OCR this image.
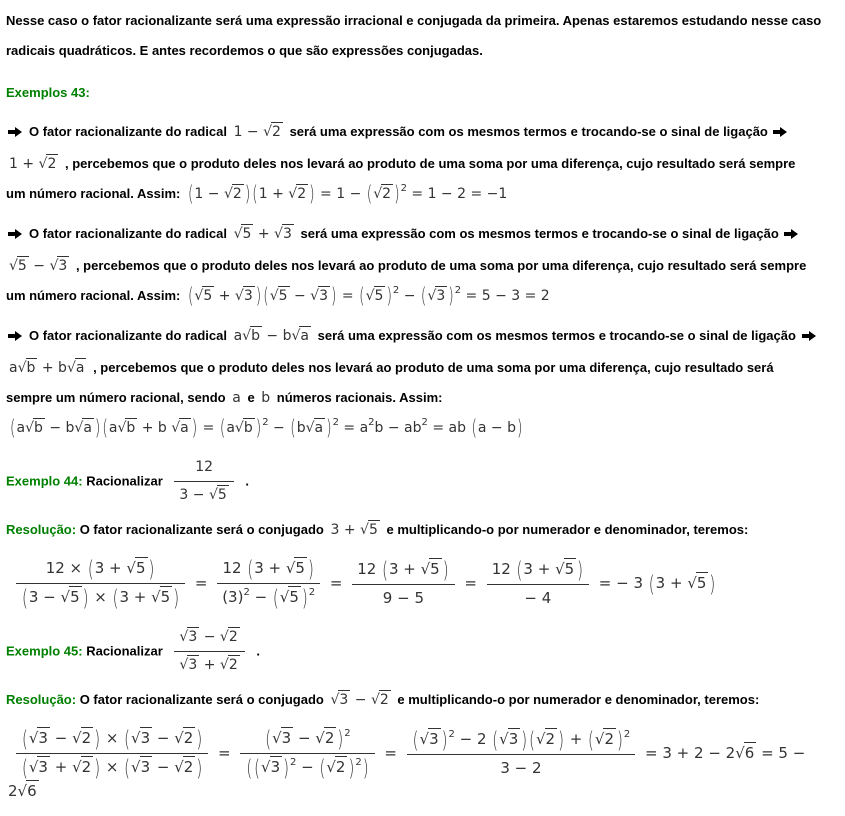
Nesse caso o fator racionalizante será uma expressão irracional e conjugada da primeira. Apenas estaremos estudando nesse caso
radicais quadráticos. E antes recordemos o que são expressões conjugadas.
Exemplos 43:
O fator racionalizante do radical 1 − √2 será uma expressão com os mesmos termos e trocando-se o sinal de ligação
1 + √2 , percebemos que o produto deles nos levará ao produto de uma soma por uma diferença, cujo resultado será sempre
um número racional. Assim: (1 − √2 ) (1 + √2 ) = 1 − (√2 )$^2$ = 1 − 2 = −1
O fator racionalizante do radical √5 + √3 será uma expressão com os mesmos termos e trocando-se o sinal de ligação
√5 − √3 , percebemos que o produto deles nos levará ao produto de uma soma por uma diferença, cujo resultado será sempre
um número racional. Assim: (√5 + √3 ) (√5 − √3 ) = (√5 )$^2$ − (√3 )$^2$ = 5 − 3 = 2
O fator racionalizante do radical a√b − b√a será uma expressão com os mesmos termos e trocando-se o sinal de ligação
a√b + b√a , percebemos que o produto deles nos levará ao produto de uma soma por uma diferença, cujo resultado será
sempre um número racional, sendo a e b números racionais. Assim:
(a√b − b√a ) (a√b + b √a ) = (a√b )$^2$ − (b√a )$^2 = a^2b - ab^2$ = ab (a − b)
Exemplo 44: Racionalizar $\frac{12}{3 - √5}$ .
Resolução: O fator racionalizante será o conjugado 3 + √5 e multiplicando-o por numerador e denominador, teremos:
$\frac{12 \times (3 + √5 )}{(3 - √5 ) \times (3 + √5 )} = \frac{12 (3 + √5 )}{(3)^2 - (√5 )^2} = \frac{12 (3 + √5 )}{9 - 5} = \frac{12 (3 + √5 )}{- 4}$ = − 3 (3 + √5 )
Exemplo 45: Racionalizar $\frac{√3 - √2}{√3 + √2}$ .
Resolução: O fator racionalizante será o conjugado √3 − √2 e multiplicando-o por numerador e denominador, teremos:
$\frac{(√3 - √2 ) \times (√3 - √2 )}{(√3 + √2 ) \times (√3 - √2 )} = \frac{(√3 - √2 )^2}{( (√3 )^2 - (√2 )^2)} = \frac{(√3 )^2 - 2 (√3 ) (√2 ) + (√2 )^2}{3 - 2} = 3 + 2 - 2√6 = 5 - 2√6$
